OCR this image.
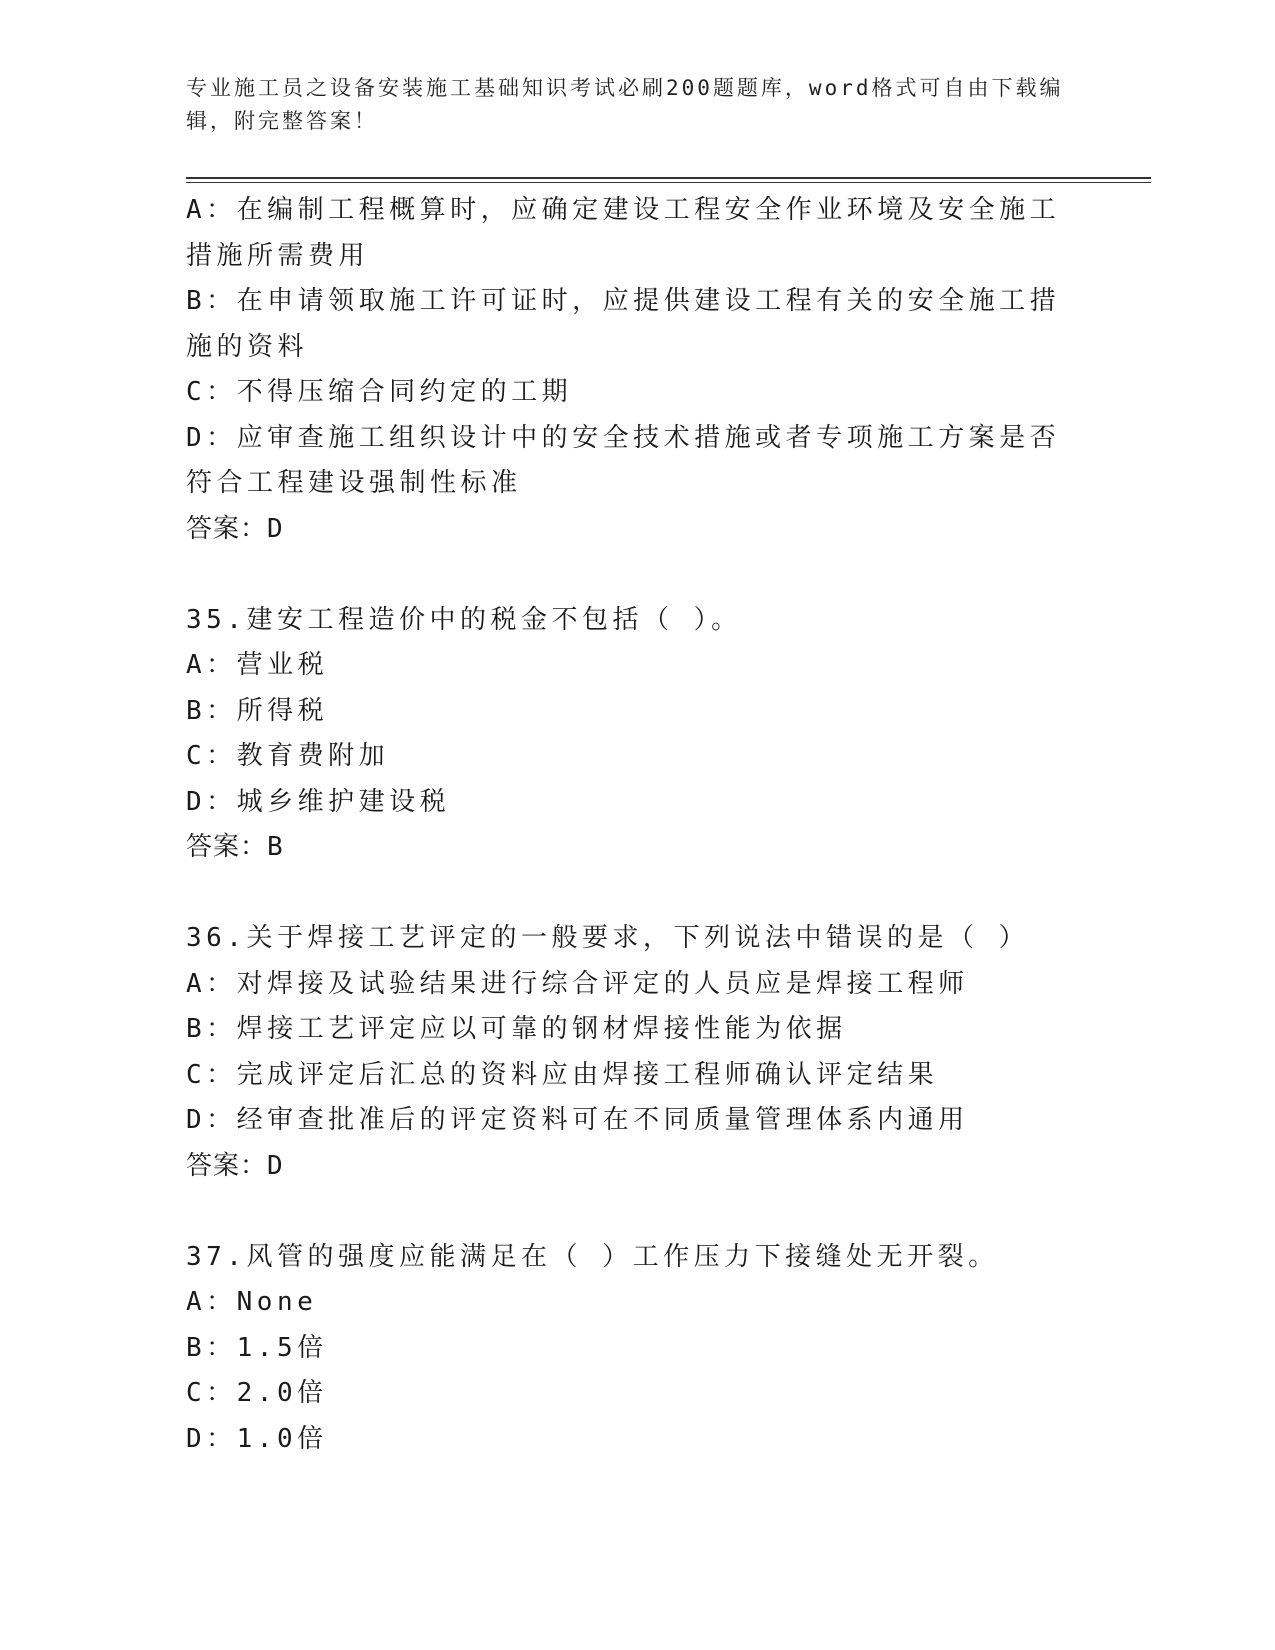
专业施工员之设备安装施工基础知识考试必刷200题题库，word格式可自由下载编辑，附完整答案！

A：在编制工程概算时，应确定建设工程安全作业环境及安全施工措施所需费用

B：在申请领取施工许可证时，应提供建设工程有关的安全施工措施的资料

C：不得压缩合同约定的工期

D：应审查施工组织设计中的安全技术措施或者专项施工方案是否符合工程建设强制性标准

答案：D

35.建安工程造价中的税金不包括（ ）。

A：营业税

B：所得税

C：教育费附加

D：城乡维护建设税

答案：B

36.关于焊接工艺评定的一般要求，下列说法中错误的是（ ）

A：对焊接及试验结果进行综合评定的人员应是焊接工程师

B：焊接工艺评定应以可靠的钢材焊接性能为依据

C：完成评定后汇总的资料应由焊接工程师确认评定结果

D：经审查批准后的评定资料可在不同质量管理体系内通用

答案：D

37.风管的强度应能满足在（ ）工作压力下接缝处无开裂。

A：None

B：1.5倍

C：2.0倍

D：1.0倍
